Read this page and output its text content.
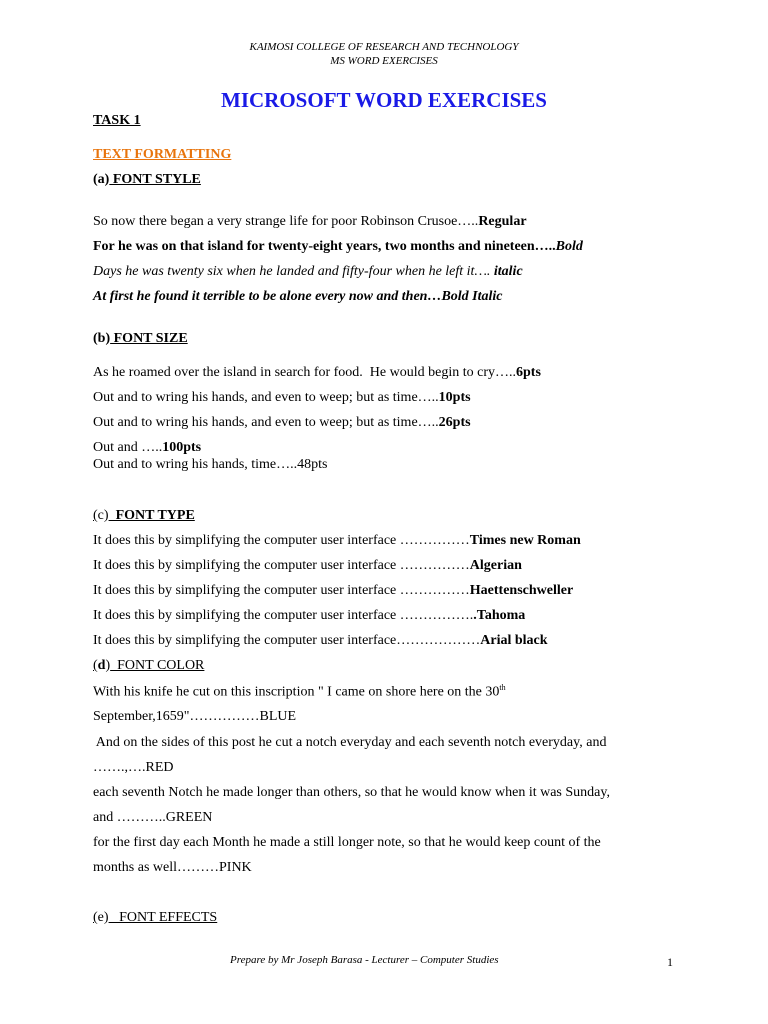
KAIMOSI COLLEGE OF RESEARCH AND TECHNOLOGY
MS WORD EXERCISES
MICROSOFT WORD EXERCISES
TASK 1
TEXT FORMATTING
(a) FONT STYLE
So now there began a very strange life for poor Robinson Crusoe…..Regular
For he was on that island for twenty-eight years, two months and nineteen…..Bold
Days he was twenty six when he landed and fifty-four when he left it…. italic
At first he found it terrible to be alone every now and then…Bold Italic
(b) FONT SIZE
As he roamed over the island in search for food.  He would begin to cry…..6pts
Out and to wring his hands, and even to weep; but as time…..10pts
Out and to wring his hands, and even to weep; but as time…..26pts
Out and …..100pts
Out and to wring his hands, time…..48pts
(c)  FONT TYPE
It does this by simplifying the computer user interface ……………Times new Roman
It does this by simplifying the computer user interface ……………Algerian
It does this by simplifying the computer user interface ……………Haettenschweller
It does this by simplifying the computer user interface ……………..Tahoma
It does this by simplifying the computer user interface………………Arial black
(d)  FONT COLOR
With his knife he cut on this inscription " I came on shore here on the 30th
September,1659"……………BLUE
And on the sides of this post he cut a notch everyday and each seventh notch everyday, and
…….,….RED
each seventh Notch he made longer than others, so that he would know when it was Sunday,
and ………..GREEN
for the first day each Month he made a still longer note, so that he would keep count of the
months as well………PINK
(e)   FONT EFFECTS
Prepare by Mr Joseph Barasa - Lecturer – Computer Studies	1
